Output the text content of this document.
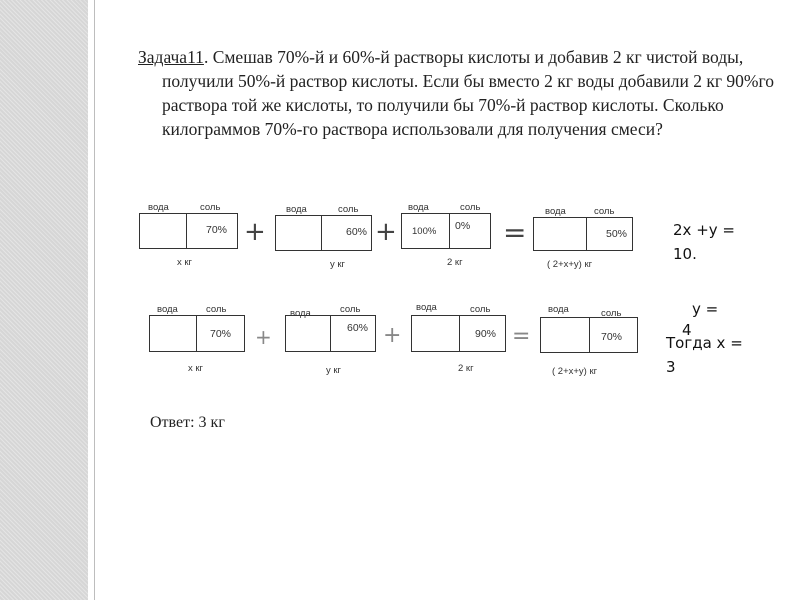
Задача11. Смешав 70%-й и 60%-й растворы кислоты и добавив 2 кг чистой воды, получили 50%-й раствор кислоты. Если бы вместо 2 кг воды добавили 2 кг 90%го раствора той же кислоты, то получили бы 70%-й раствор кислоты. Сколько килограммов 70%-го раствора использовали для получения смеси?
вода	соль
70%
х кг
+
вода	соль
60%
у кг
+
вода	соль
100% 0%
2 кг
=
вода	соль
50%
( 2+х+у) кг
вода	соль
70%
х кг
+
вода	соль
60%
у кг
+
вода	соль
90%
2 кг
=
вода	соль
70%
( 2+х+у) кг
2х +у =
10.
у =
4
Тогда х =
3
Ответ: 3 кг
